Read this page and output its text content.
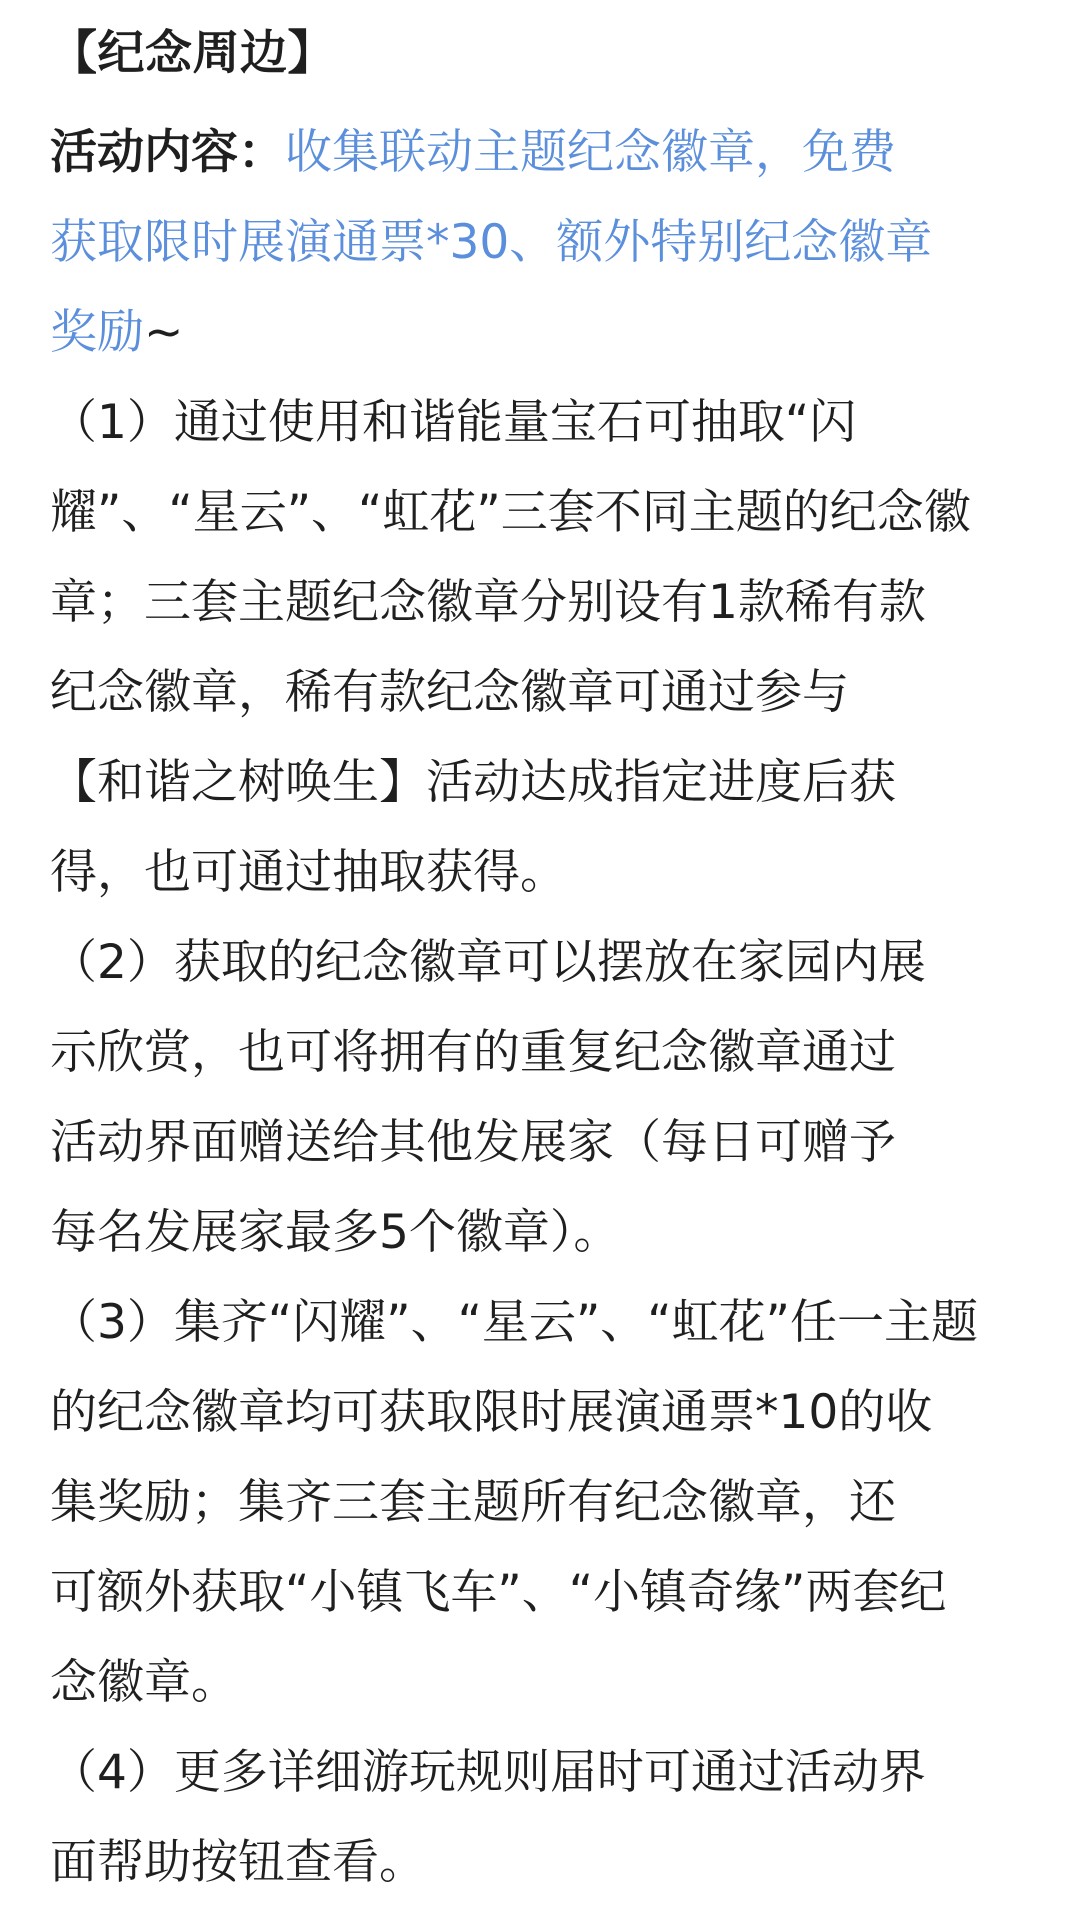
【纪念周边】
活动内容：收集联动主题纪念徽章，免费
获取限时展演通票*30、额外特别纪念徽章
奖励~
（1）通过使用和谐能量宝石可抽取“闪
耀”、“星云”、“虹花”三套不同主题的纪念徽
章；三套主题纪念徽章分别设有1款稀有款
纪念徽章，稀有款纪念徽章可通过参与
【和谐之树唤生】活动达成指定进度后获
得，也可通过抽取获得。
（2）获取的纪念徽章可以摆放在家园内展
示欣赏，也可将拥有的重复纪念徽章通过
活动界面赠送给其他发展家（每日可赠予
每名发展家最多5个徽章）。
（3）集齐“闪耀”、“星云”、“虹花”任一主题
的纪念徽章均可获取限时展演通票*10的收
集奖励；集齐三套主题所有纪念徽章，还
可额外获取“小镇飞车”、“小镇奇缘”两套纪
念徽章。
（4）更多详细游玩规则届时可通过活动界
面帮助按钮查看。
